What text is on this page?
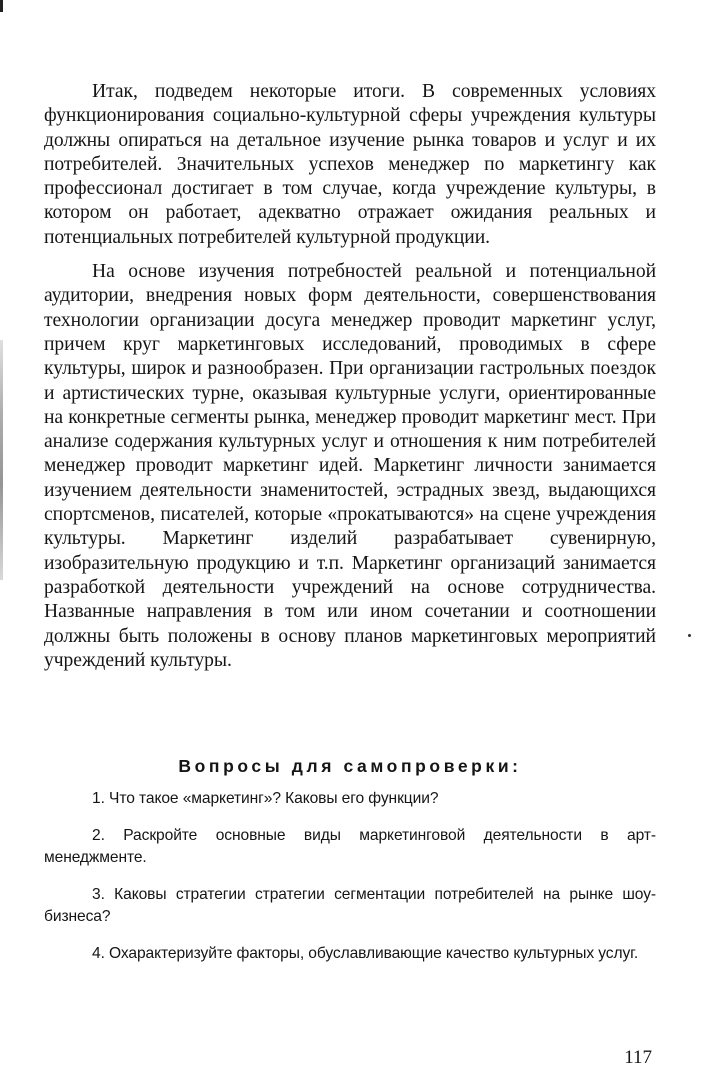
Итак, подведем некоторые итоги. В современных условиях функционирования социально-культурной сферы учреждения культуры должны опираться на детальное изучение рынка товаров и услуг и их потребителей. Значительных успехов менеджер по маркетингу как профессионал достигает в том случае, когда учреждение культуры, в котором он работает, адекватно отражает ожидания реальных и потенциальных потребителей культурной продукции.

На основе изучения потребностей реальной и потенциальной аудитории, внедрения новых форм деятельности, совершенствования технологии организации досуга менеджер проводит маркетинг услуг, причем круг маркетинговых исследований, проводимых в сфере культуры, широк и разнообразен. При организации гастрольных поездок и артистических турне, оказывая культурные услуги, ориентированные на конкретные сегменты рынка, менеджер проводит маркетинг мест. При анализе содержания культурных услуг и отношения к ним потребителей менеджер проводит маркетинг идей. Маркетинг личности занимается изучением деятельности знаменитостей, эстрадных звезд, выдающихся спортсменов, писателей, которые «прокатываются» на сцене учреждения культуры. Маркетинг изделий разрабатывает сувенирную, изобразительную продукцию и т.п. Маркетинг организаций занимается разработкой деятельности учреждений на основе сотрудничества. Названные направления в том или ином сочетании и соотношении должны быть положены в основу планов маркетинговых мероприятий учреждений культуры.

Вопросы для самопроверки:
1. Что такое «маркетинг»? Каковы его функции?
2. Раскройте основные виды маркетинговой деятельности в арт-менеджменте.
3. Каковы стратегии стратегии сегментации потребителей на рынке шоу-бизнеса?
4. Охарактеризуйте факторы, обуславливающие качество культурных услуг.
117
